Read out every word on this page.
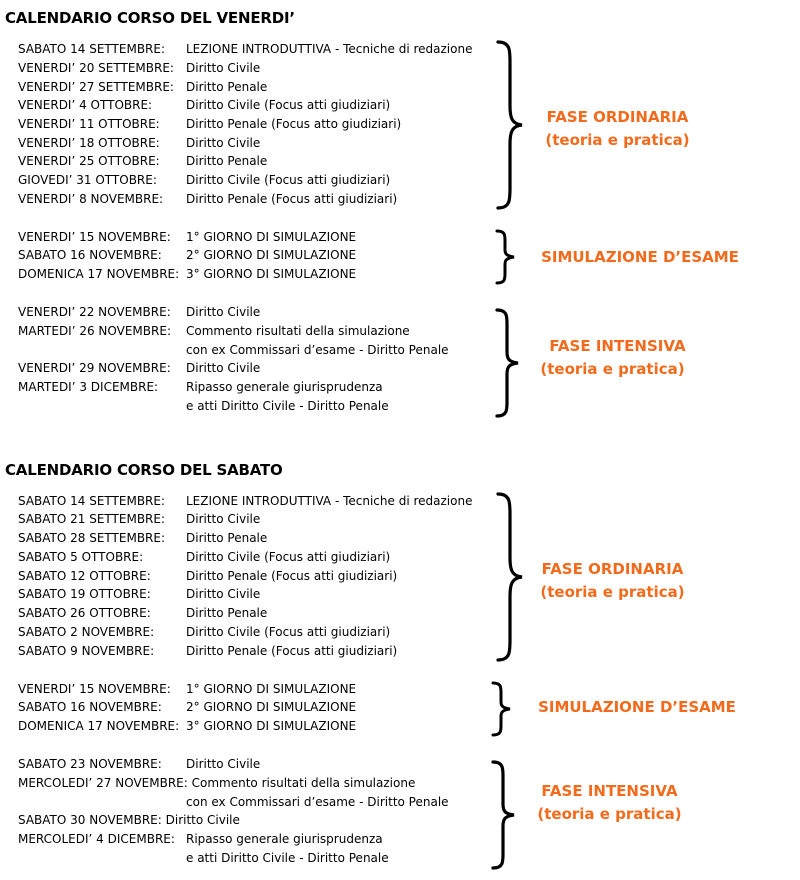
CALENDARIO CORSO DEL VENERDI’
SABATO 14 SETTEMBRE: LEZIONE INTRODUTTIVA - Tecniche di redazione
VENERDI’ 20 SETTEMBRE: Diritto Civile
VENERDI’ 27 SETTEMBRE: Diritto Penale
VENERDI’ 4 OTTOBRE:	Diritto Civile (Focus atti giudiziari)
VENERDI’ 11 OTTOBRE: Diritto Penale (Focus atto giudiziari)
VENERDI’ 18 OTTOBRE: Diritto Civile
VENERDI’ 25 OTTOBRE: Diritto Penale
GIOVEDI’ 31 OTTOBRE: Diritto Civile (Focus atti giudiziari)
VENERDI’ 8 NOVEMBRE: Diritto Penale (Focus atti giudiziari)
FASE ORDINARIA
(teoria e pratica)
VENERDI’ 15 NOVEMBRE: 1° GIORNO DI SIMULAZIONE
SABATO 16 NOVEMBRE: 2° GIORNO DI SIMULAZIONE
DOMENICA 17 NOVEMBRE: 3° GIORNO DI SIMULAZIONE
SIMULAZIONE D’ESAME
VENERDI’ 22 NOVEMBRE: Diritto Civile
MARTEDI’ 26 NOVEMBRE: Commento risultati della simulazione
con ex Commissari d’esame - Diritto Penale
VENERDI’ 29 NOVEMBRE: Diritto Civile
MARTEDI’ 3 DICEMBRE: Ripasso generale giurisprudenza
e atti Diritto Civile - Diritto Penale
FASE INTENSIVA
(teoria e pratica)
CALENDARIO CORSO DEL SABATO
SABATO 14 SETTEMBRE: LEZIONE INTRODUTTIVA - Tecniche di redazione
SABATO 21 SETTEMBRE: Diritto Civile
SABATO 28 SETTEMBRE: Diritto Penale
SABATO 5 OTTOBRE:	Diritto Civile (Focus atti giudiziari)
SABATO 12 OTTOBRE:	Diritto Penale (Focus atti giudiziari)
SABATO 19 OTTOBRE:	Diritto Civile
SABATO 26 OTTOBRE:	Diritto Penale
SABATO 2 NOVEMBRE:	Diritto Civile (Focus atti giudiziari)
SABATO 9 NOVEMBRE:	Diritto Penale (Focus atti giudiziari)
FASE ORDINARIA
(teoria e pratica)
VENERDI’ 15 NOVEMBRE: 1° GIORNO DI SIMULAZIONE
SABATO 16 NOVEMBRE: 2° GIORNO DI SIMULAZIONE
DOMENICA 17 NOVEMBRE: 3° GIORNO DI SIMULAZIONE
SIMULAZIONE D’ESAME
SABATO 23 NOVEMBRE: Diritto Civile
MERCOLEDI’ 27 NOVEMBRE: Commento risultati della simulazione
con ex Commissari d’esame - Diritto Penale
SABATO 30 NOVEMBRE: Diritto Civile
MERCOLEDI’ 4 DICEMBRE: Ripasso generale giurisprudenza
e atti Diritto Civile - Diritto Penale
FASE INTENSIVA
(teoria e pratica)
